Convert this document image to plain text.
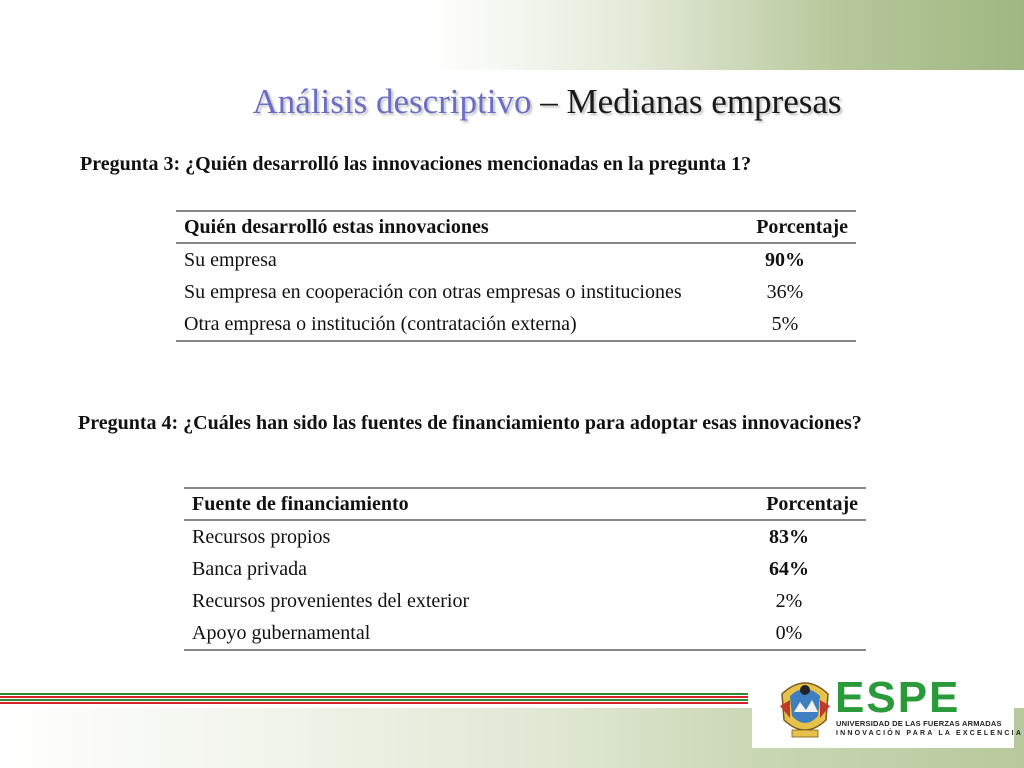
Análisis descriptivo – Medianas empresas

Pregunta 3: ¿Quién desarrolló las innovaciones mencionadas en la pregunta 1?

Quién desarrolló estas innovaciones	Porcentaje
Su empresa	90%
Su empresa en cooperación con otras empresas o instituciones	36%
Otra empresa o institución (contratación externa)	5%

Pregunta 4: ¿Cuáles han sido las fuentes de financiamiento para adoptar esas innovaciones?

Fuente de financiamiento	Porcentaje
Recursos propios	83%
Banca privada	64%
Recursos provenientes del exterior	2%
Apoyo gubernamental	0%
ESPE
UNIVERSIDAD DE LAS FUERZAS ARMADAS
INNOVACIÓN PARA LA EXCELENCIA
